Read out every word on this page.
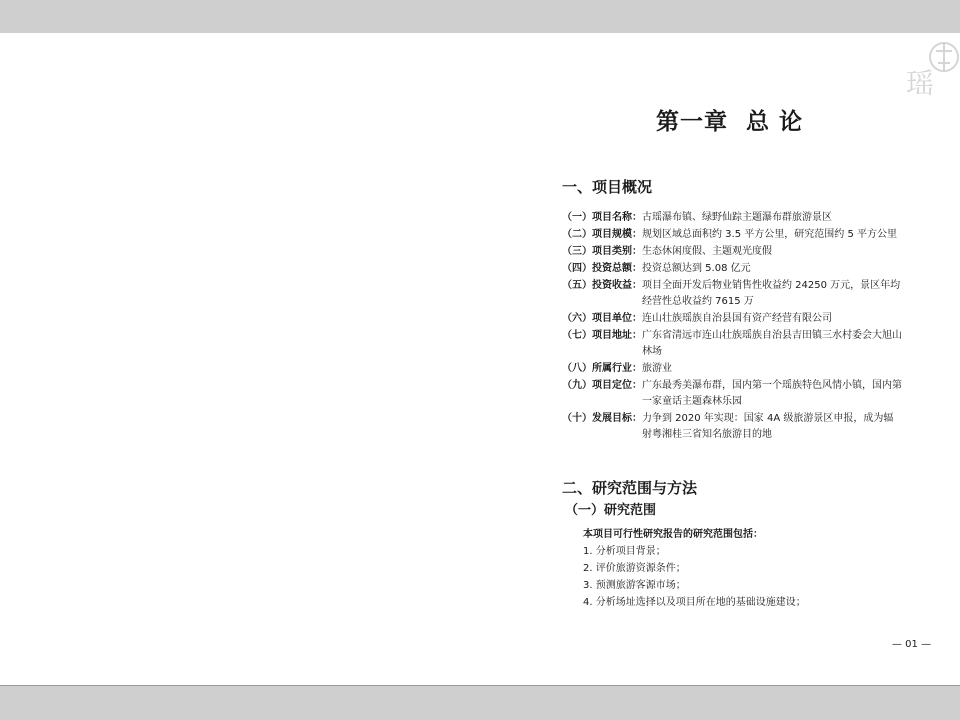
瑶
第一章  总 论
一、项目概况
（一）项目名称： 古瑶瀑布镇、绿野仙踪主题瀑布群旅游景区
（二）项目规模： 规划区域总面积约 3.5 平方公里，研究范围约 5 平方公里
（三）项目类别： 生态休闲度假、主题观光度假
（四）投资总额： 投资总额达到 5.08 亿元
（五）投资收益： 项目全面开发后物业销售性收益约 24250 万元，景区年均经营性总收益约 7615 万
（六）项目单位： 连山壮族瑶族自治县国有资产经营有限公司
（七）项目地址： 广东省清远市连山壮族瑶族自治县吉田镇三水村委会大旭山林场
（八）所属行业： 旅游业
（九）项目定位： 广东最秀美瀑布群，国内第一个瑶族特色风情小镇，国内第一家童话主题森林乐园
（十）发展目标： 力争到 2020 年实现：国家 4A 级旅游景区申报，成为辐射粤湘桂三省知名旅游目的地
二、研究范围与方法
（一）研究范围
本项目可行性研究报告的研究范围包括：
1. 分析项目背景；
2. 评价旅游资源条件；
3. 预测旅游客源市场；
4. 分析场址选择以及项目所在地的基础设施建设；
— 01 —
